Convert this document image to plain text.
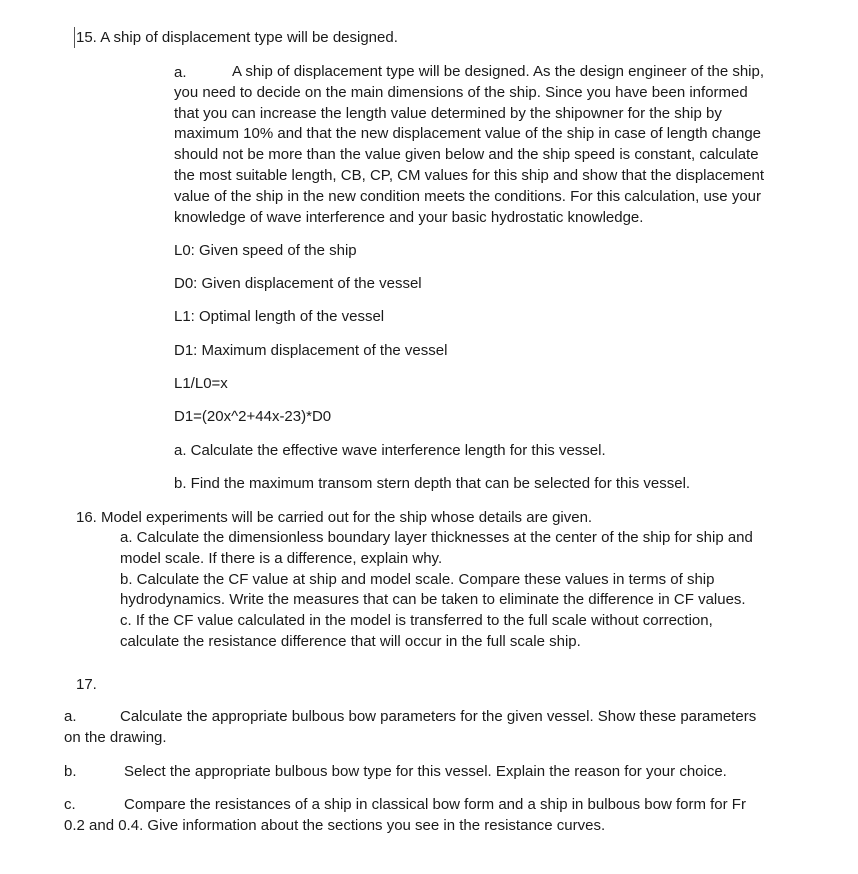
15. A ship of displacement type will be designed.
a.	A ship of displacement type will be designed. As the design engineer of the ship,
you need to decide on the main dimensions of the ship. Since you have been informed
that you can increase the length value determined by the shipowner for the ship by
maximum 10% and that the new displacement value of the ship in case of length change
should not be more than the value given below and the ship speed is constant, calculate
the most suitable length, CB, CP, CM values for this ship and show that the displacement
value of the ship in the new condition meets the conditions. For this calculation, use your
knowledge of wave interference and your basic hydrostatic knowledge.
L0: Given speed of the ship
D0: Given displacement of the vessel
L1: Optimal length of the vessel
D1: Maximum displacement of the vessel
L1/L0=x
D1=(20x^2+44x-23)*D0
a. Calculate the effective wave interference length for this vessel.
b. Find the maximum transom stern depth that can be selected for this vessel.
16. Model experiments will be carried out for the ship whose details are given.
a. Calculate the dimensionless boundary layer thicknesses at the center of the ship for ship and
model scale. If there is a difference, explain why.
b. Calculate the CF value at ship and model scale. Compare these values in terms of ship
hydrodynamics. Write the measures that can be taken to eliminate the difference in CF values.
c. If the CF value calculated in the model is transferred to the full scale without correction,
calculate the resistance difference that will occur in the full scale ship.
17.
a.	Calculate the appropriate bulbous bow parameters for the given vessel. Show these parameters
on the drawing.
b.	Select the appropriate bulbous bow type for this vessel. Explain the reason for your choice.
c.	Compare the resistances of a ship in classical bow form and a ship in bulbous bow form for Fr
0.2 and 0.4. Give information about the sections you see in the resistance curves.
